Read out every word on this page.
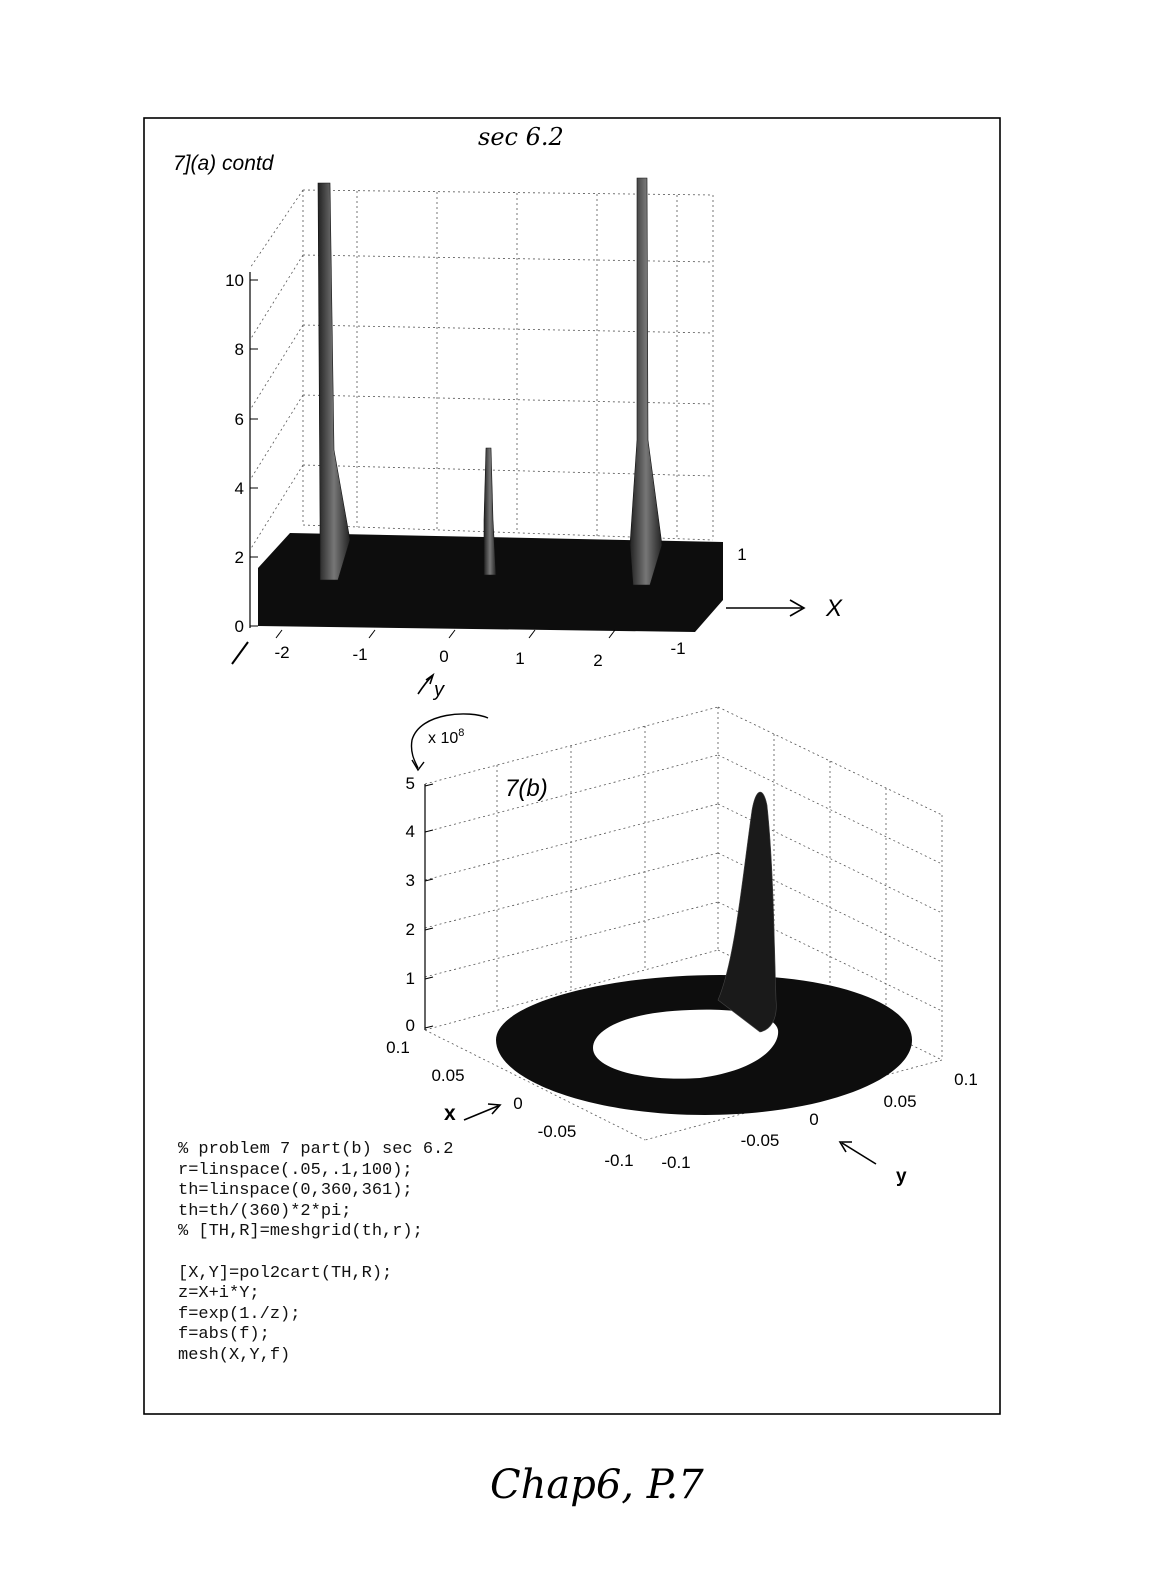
sec 6.2
7](a) contd
0
2
4
6
8
10
-2	-1	0	1	2
-1
1
X
y
x $10^8$
7(b)
0
1
2
3
4
5
0.1
0.05
0
-0.05
-0.1 -0.1
-0.05
0
0.05
0.1
x
y
% problem 7 part(b) sec 6.2
r=linspace(.05,.1,100);
th=linspace(0,360,361);
th=th/(360)*2*pi;
% [TH,R]=meshgrid(th,r);
[X,Y]=pol2cart(TH,R);
z=X+i*Y;
f=exp(1./z);
f=abs(f);
mesh(X,Y,f)
Chap6, P.7
